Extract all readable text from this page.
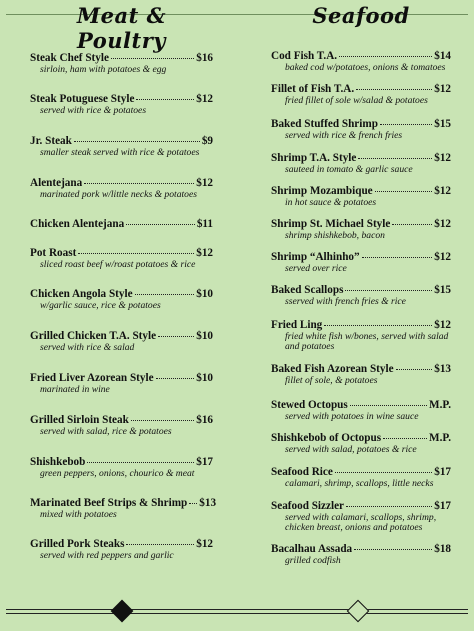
Meat & Poultry
Steak Chef Style	$16
sirloin, ham with potatoes & egg
Steak Potuguese Style	$12
served with rice & potatoes
Jr. Steak	$9
smaller steak served with rice & potatoes
Alentejana	$12
marinated pork w/little necks & potatoes
Chicken Alentejana	$11
Pot Roast	$12
sliced roast beef w/roast potatoes & rice
Chicken Angola Style	$10
w/garlic sauce, rice & potatoes
Grilled Chicken T.A. Style	$10
served with rice & salad
Fried Liver Azorean Style	$10
marinated in wine
Grilled Sirloin Steak	$16
served with salad, rice & potatoes
Shishkebob	$17
green peppers, onions, chourico & meat
Marinated Beef Strips & Shrimp $13
mixed with potatoes
Grilled Pork Steaks	$12
served with red peppers and garlic
Seafood
Cod Fish T.A.	$14
baked cod w/potatoes, onions & tomatoes
Fillet of Fish T.A.	$12
fried fillet of sole w/salad & potatoes
Baked Stuffed Shrimp	$15
served with rice & french fries
Shrimp T.A. Style	$12
sauteed in tomato & garlic sauce
Shrimp Mozambique	$12
in hot sauce & potatoes
Shrimp St. Michael Style	$12
shrimp shishkebob, bacon
Shrimp “Alhinho”	$12
served over rice
Baked Scallops	$15
sserved with french fries & rice
Fried Ling	$12
fried white fish w/bones, served with salad and potatoes
Baked Fish Azorean Style	$13
fillet of sole, & potatoes
Stewed Octopus	M.P.
served with potatoes in wine sauce
Shishkebob of Octopus	M.P.
served with salad, potatoes & rice
Seafood Rice	$17
calamari, shrimp, scallops, little necks
Seafood Sizzler	$17
served with calamari, scallops, shrimp, chicken breast, onions and potatoes
Bacalhau Assada	$18
grilled codfish
